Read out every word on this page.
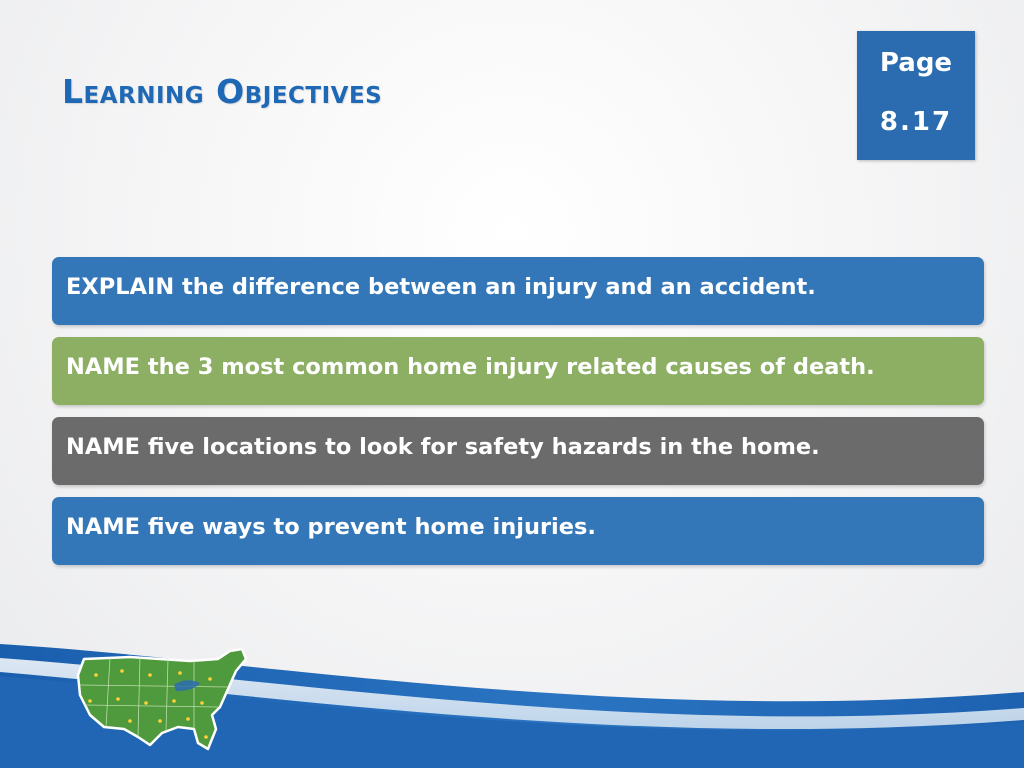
Learning Objectives
Page
8.17
EXPLAIN the difference between an injury and an accident.
NAME the 3 most common home injury related causes of death.
NAME five locations to look for safety hazards in the home.
NAME five ways to prevent home injuries.
